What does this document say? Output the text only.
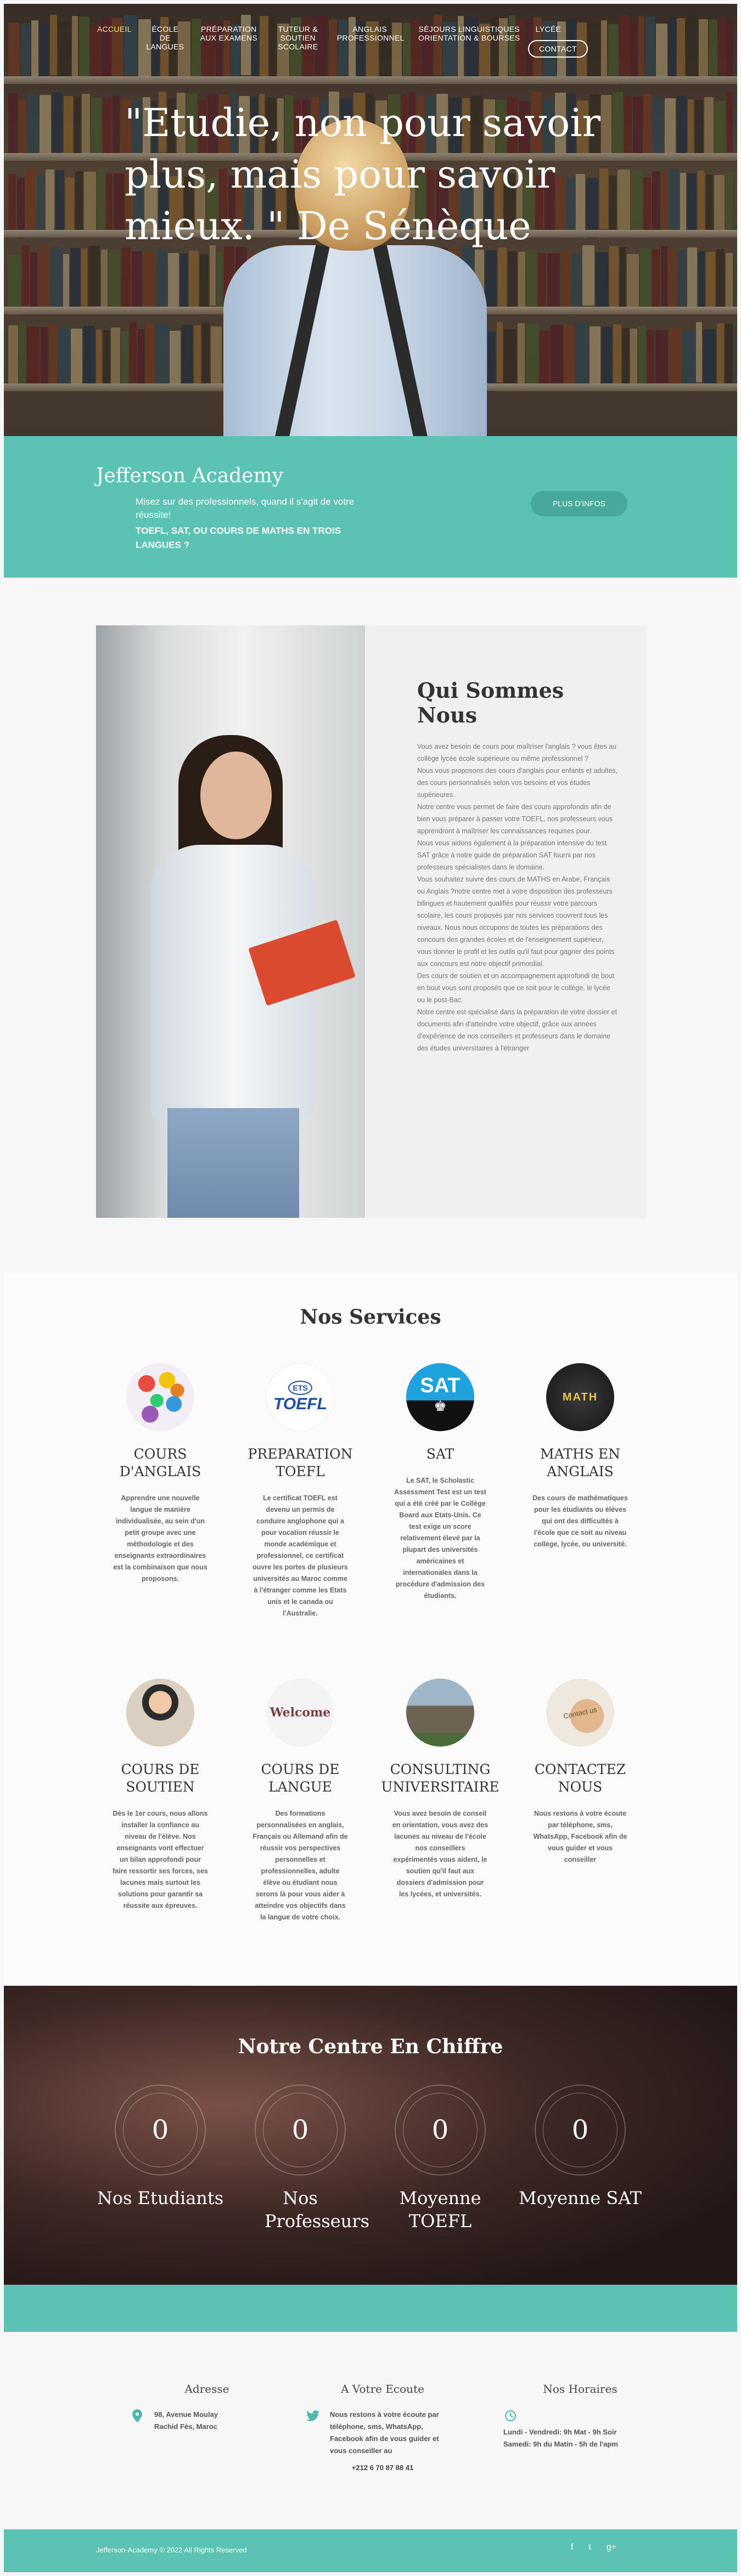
ACCUEIL	ÉCOLE DE LANGUES
PRÉPARATION AUX EXAMENS
TUTEUR & SOUTIEN SCOLAIRE
ANGLAIS PROFESSIONNEL
SÉJOURS LINGUISTIQUES ORIENTATION & BOURSES
LYCÉE
CONTACT
"Etudie, non pour savoir plus, mais pour savoir mieux. " De Sénèque
Jefferson Academy
Misez sur des professionnels, quand il s'agit de votre réussite!
TOEFL, SAT, OU COURS DE MATHS EN TROIS LANGUES ?
PLUS D'INFOS
Qui Sommes Nous

Vous avez besoin de cours pour maîtriser l'anglais ? vous êtes au collège lycée école supérieure ou même professionnel ?

Nous vous proposons des cours d'anglais pour enfants et adultes, des cours personnalisés selon vos besoins et vos études supérieures.

Notre centre vous permet de faire des cours approfondis afin de bien vous préparer à passer votre TOEFL, nos professeurs vous apprendront à maîtriser les connaissances requises pour.

Nous vous aidons également à la préparation intensive du test SAT grâce à notre guide de préparation SAT fourni par nos professeurs spécialistes dans le domaine.

Vous souhaitez suivre des cours de MATHS en Arabe, Français ou Anglais ?notre centre met à votre disposition des professeurs bilingues et hautement qualifiés pour réussir votre parcours scolaire, les cours proposés par nos services couvrent tous les niveaux. Nous nous occupons de toutes les préparations des concours des grandes écoles et de l'enseignement supérieur, vous donner le profil et les outils qu'il faut pour gagner des points aux concours est notre objectif primordial.

Des cours de soutien et un accompagnement approfondi de bout en bout vous sont proposés que ce soit pour le collège, le lycée ou le post-Bac.

Notre centre est spécialisé dans la préparation de votre dossier et documents afin d'atteindre votre objectif, grâce aux années d'expérience de nos conseillers et professeurs dans le domaine des études universitaires à l'étranger

Nos Services
COURS D'ANGLAIS
Apprendre une nouvelle langue de manière individualisée, au sein d'un petit groupe avec une méthodologie et des enseignants extraordinaires est la combinaison que nous proposons.
ETS
TOEFL
PREPARATION TOEFL
Le certificat TOEFL est devenu un permis de conduire anglophone qui a pour vocation réussir le monde académique et professionnel, ce certificat ouvre les portes de plusieurs universités au Maroc comme à l'étranger comme les Etats unis et le canada ou l'Australie.
SAT
♚
SAT
Le SAT, le Scholastic Assessment Test est un test qui a été créé par le Collège Board aux Etats-Unis. Ce test exige un score relativement élevé par la plupart des universités américaines et internationales dans la procédure d'admission des étudiants.
MATH
MATHS EN ANGLAIS
Des cours de mathématiques pour les étudiants ou élèves qui ont des difficultés à l'école que ce soit au niveau collège, lycée, ou université.
COURS DE SOUTIEN
Dès le 1er cours, nous allons installer la confiance au niveau de l'élève. Nos enseignants vont effectuer un bilan approfondi pour faire ressortir ses forces, ses lacunes mais surtout les solutions pour garantir sa réussite aux épreuves.
Welcome
COURS DE LANGUE
Des formations personnalisées en anglais, Français ou Allemand afin de réussir vos perspectives personnelles et professionnelles, adulte élève ou étudiant nous serons là pour vous aider à atteindre vos objectifs dans la langue de votre choix.
CONSULTING UNIVERSITAIRE
Vous avez besoin de conseil en orientation, vous avez des lacunes au niveau de l'école nos conseillers expérimentés vous aident, le soutien qu'il faut aux dossiers d'admission pour les lycées, et universités.
Contact us
CONTACTEZ NOUS
Nous restons à votre écoute par téléphone, sms, WhatsApp, Facebook afin de vous guider et vous conseiller
Notre Centre En Chiffre
0
Nos Etudiants
0
Nos Professeurs
0
Moyenne TOEFL
0
Moyenne SAT
Adresse
98, Avenue Moulay Rachid Fès, Maroc
A Votre Ecoute
Nous restons à votre écoute par téléphone, sms, WhatsApp, Facebook afin de vous guider et vous conseiller au
+212 6 70 87 88 41
Nos Horaires
Lundi - Vendredi: 9h Mat - 9h Soir Samedi: 9h du Matin - 5h de l'apm
Jefferson-Academy © 2022 All Rights Reserved	f t g+
